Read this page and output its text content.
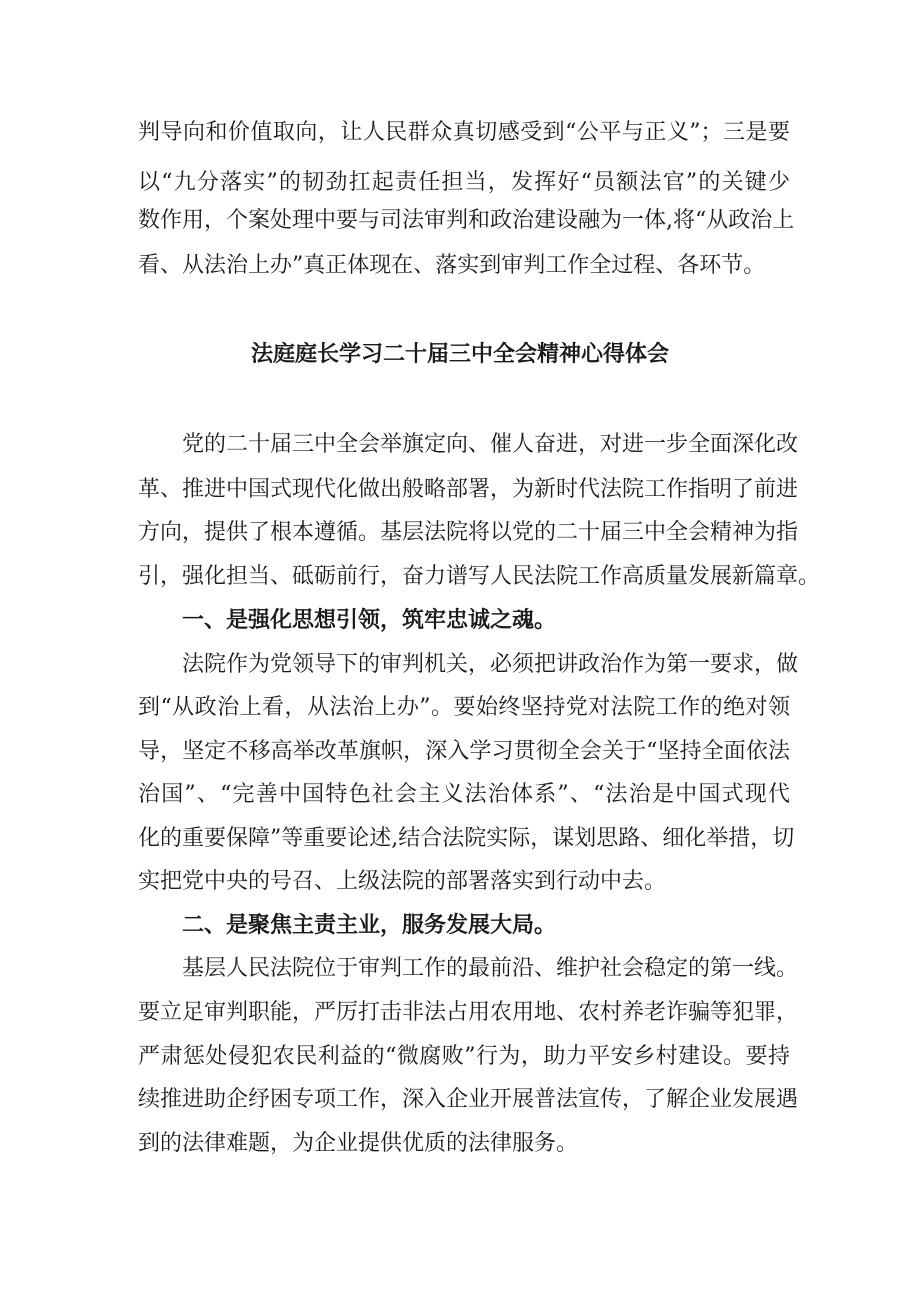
判导向和价值取向，让人民群众真切感受到“公平与正义”；三是要
以“九分落实”的韧劲扛起责任担当，发挥好“员额法官”的关键少
数作用，个案处理中要与司法审判和政治建设融为一体,将“从政治上
看、从法治上办”真正体现在、落实到审判工作全过程、各环节。
法庭庭长学习二十届三中全会精神心得体会
党的二十届三中全会举旗定向、催人奋进，对进一步全面深化改
革、推进中国式现代化做出般略部署，为新时代法院工作指明了前进
方向，提供了根本遵循。基层法院将以党的二十届三中全会精神为指
引，强化担当、砥砺前行，奋力谱写人民法院工作高质量发展新篇章。
一、是强化思想引领，筑牢忠诚之魂。
法院作为党领导下的审判机关，必须把讲政治作为第一要求，做
到“从政治上看，从法治上办”。要始终坚持党对法院工作的绝对领
导，坚定不移高举改革旗帜，深入学习贯彻全会关于“坚持全面依法
治国”、“完善中国特色社会主义法治体系”、“法治是中国式现代
化的重要保障”等重要论述,结合法院实际，谋划思路、细化举措，切
实把党中央的号召、上级法院的部署落实到行动中去。
二、是聚焦主责主业，服务发展大局。
基层人民法院位于审判工作的最前沿、维护社会稳定的第一线。
要立足审判职能，严厉打击非法占用农用地、农村养老诈骗等犯罪，
严肃惩处侵犯农民利益的“微腐败”行为，助力平安乡村建设。要持
续推进助企纾困专项工作，深入企业开展普法宣传，了解企业发展遇
到的法律难题，为企业提供优质的法律服务。
